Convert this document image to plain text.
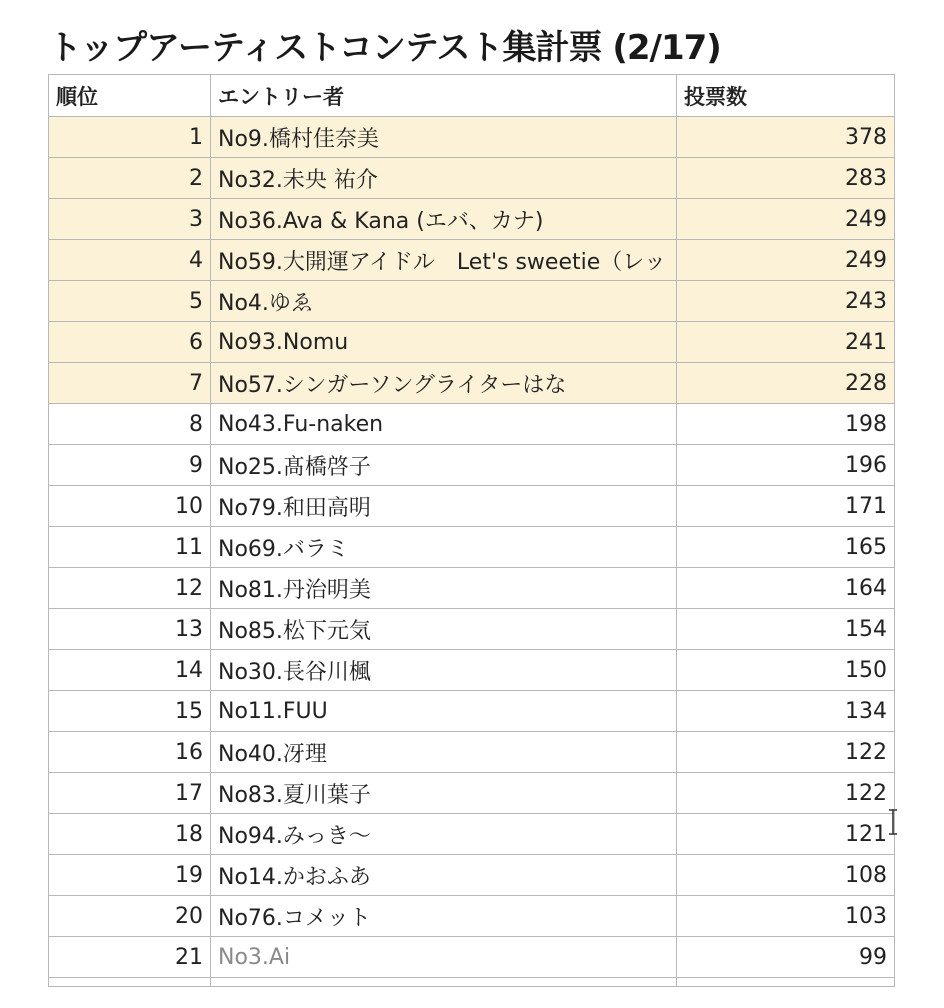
トップアーティストコンテスト集計票 (2/17)
順位	エントリー者	投票数
1	No9.橋村佳奈美	378
2	No32.未央 祐介	283
3	No36.Ava & Kana (エバ、カナ)	249
4	No59.大開運アイドル　Let's sweetie（レッ	249
5	No4.ゆゑ	243
6	No93.Nomu	241
7	No57.シンガーソングライターはな	228
8	No43.Fu-naken	198
9	No25.髙橋啓子	196
10	No79.和田高明	171
11	No69.バラミ	165
12	No81.丹治明美	164
13	No85.松下元気	154
14	No30.長谷川楓	150
15	No11.FUU	134
16	No40.冴理	122
17	No83.夏川葉子	122
18	No94.みっき〜	121
19	No14.かおふあ	108
20	No76.コメット	103
21	No3.Ai	99
